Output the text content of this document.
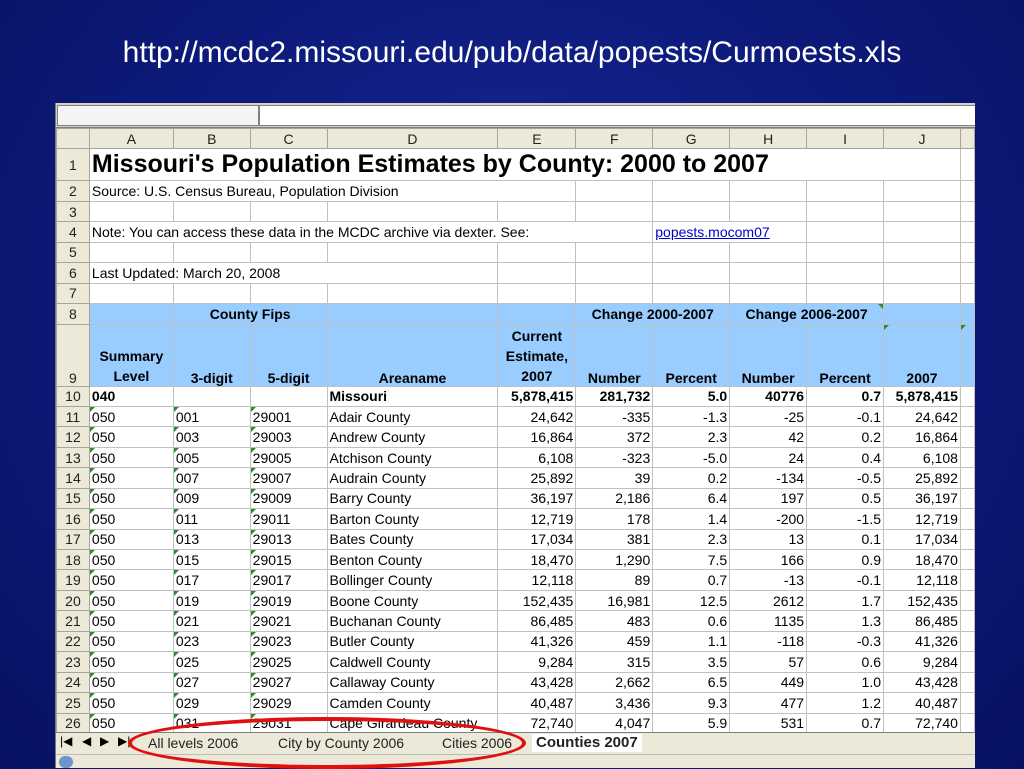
http://mcdc2.missouri.edu/pub/data/popests/Curmoests.xls
	A	B	C	D	E	F	G	H	I	J	
1	Missouri's Population Estimates by County: 2000 to 2007										
2	Source: U.S. Census Bureau, Population Division										
3											
4	Note: You can access these data in the MCDC archive via dexter. See:						popests.mocom07				
5											
6	Last Updated: March 20, 2008										
7											
8		County Fips				Change 2000-2007		Change 2006-2007			
9	Summary Level	3-digit	5-digit	Areaname	Current
Estimate,
2007	Number	Percent	Number	Percent	2007	
10	040			Missouri	5,878,415	281,732	5.0	40776	0.7	5,878,415	
11	050	001	29001	Adair County	24,642	-335	-1.3	-25	-0.1	24,642	
12	050	003	29003	Andrew County	16,864	372	2.3	42	0.2	16,864	
13	050	005	29005	Atchison County	6,108	-323	-5.0	24	0.4	6,108	
14	050	007	29007	Audrain County	25,892	39	0.2	-134	-0.5	25,892	
15	050	009	29009	Barry County	36,197	2,186	6.4	197	0.5	36,197	
16	050	011	29011	Barton County	12,719	178	1.4	-200	-1.5	12,719	
17	050	013	29013	Bates County	17,034	381	2.3	13	0.1	17,034	
18	050	015	29015	Benton County	18,470	1,290	7.5	166	0.9	18,470	
19	050	017	29017	Bollinger County	12,118	89	0.7	-13	-0.1	12,118	
20	050	019	29019	Boone County	152,435	16,981	12.5	2612	1.7	152,435	
21	050	021	29021	Buchanan County	86,485	483	0.6	1135	1.3	86,485	
22	050	023	29023	Butler County	41,326	459	1.1	-118	-0.3	41,326	
23	050	025	29025	Caldwell County	9,284	315	3.5	57	0.6	9,284	
24	050	027	29027	Callaway County	43,428	2,662	6.5	449	1.0	43,428	
25	050	029	29029	Camden County	40,487	3,436	9.3	477	1.2	40,487	
26	050	031	29031	Cape Girardeau County	72,740	4,047	5.9	531	0.7	72,740	
|◀ ◀ ▶ ▶| All levels 2006	City by County 2006	Cities 2006 Counties 2007
